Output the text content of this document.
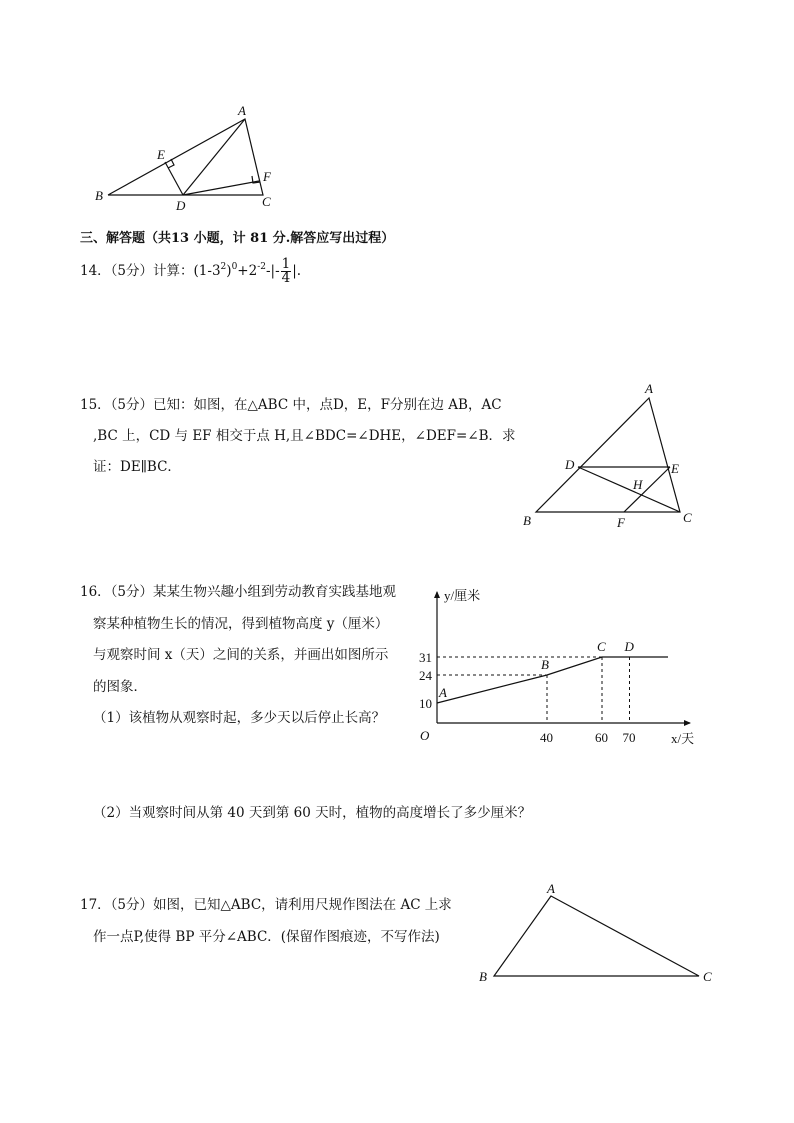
A
E
F
B
D	C
三、解答题（共13 小题，计 81 分.解答应写出过程）
14．（5分）计算：$(1-3^2)^0+2^{-2}-|- \frac{1}{4}$ |.
15．（5分）已知：如图，在△ABC 中，点D，E，F分别在边 AB，AC
,BC 上，CD 与 EF 相交于点 H,且∠BDC=∠DHE，∠DEF=∠B．求
证：DE∥BC．
A
D	E
H
B	F	C
16．（5分）某某生物兴趣小组到劳动教育实践基地观
察某种植物生长的情况，得到植物高度 y（厘米）
与观察时间 x（天）之间的关系，并画出如图所示
的图象．
（1）该植物从观察时起，多少天以后停止长高？
（2）当观察时间从第 40 天到第 60 天时，植物的高度增长了多少厘米？
O
y/厘米
x/天
40	60 70
10
24
31
A
B
C D
17．（5分）如图，已知△ABC，请利用尺规作图法在 AC 上求
作一点P,使得 BP 平分∠ABC．(保留作图痕迹，不写作法)
A
B	C
